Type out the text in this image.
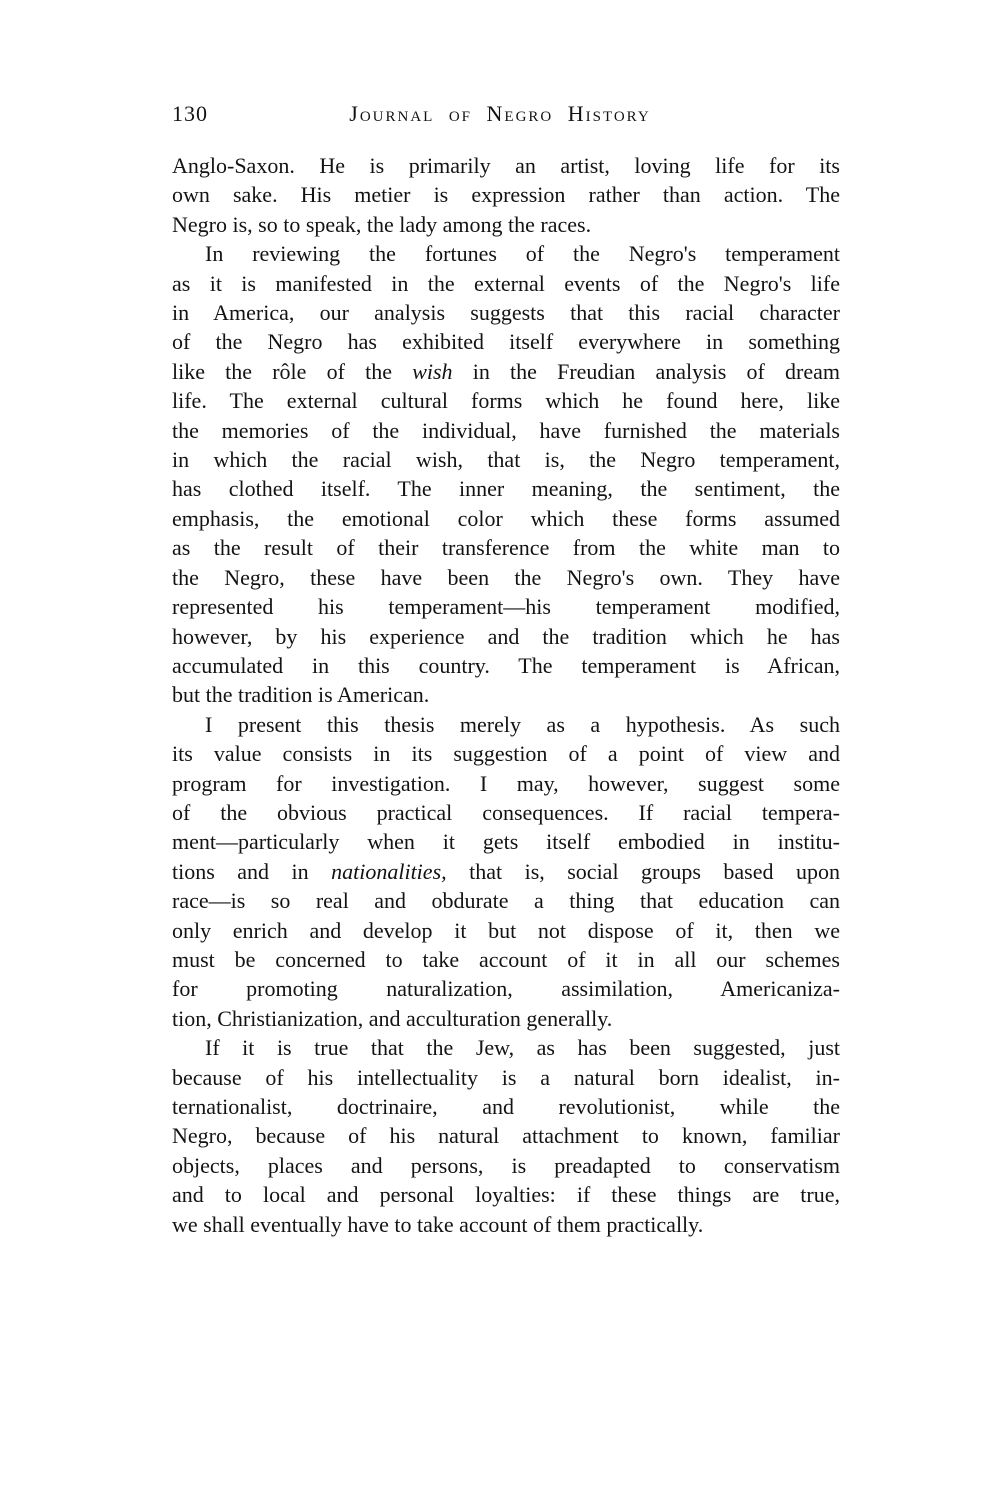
130	Journal of Negro History
Anglo-Saxon. He is primarily an artist, loving life for its
own sake. His metier is expression rather than action. The
Negro is, so to speak, the lady among the races.
In reviewing the fortunes of the Negro's temperament
as it is manifested in the external events of the Negro's life
in America, our analysis suggests that this racial character
of the Negro has exhibited itself everywhere in something
like the rôle of the wish in the Freudian analysis of dream
life. The external cultural forms which he found here, like
the memories of the individual, have furnished the materials
in which the racial wish, that is, the Negro temperament,
has clothed itself. The inner meaning, the sentiment, the
emphasis, the emotional color which these forms assumed
as the result of their transference from the white man to
the Negro, these have been the Negro's own. They have
represented his temperament—his temperament modified,
however, by his experience and the tradition which he has
accumulated in this country. The temperament is African,
but the tradition is American.
I present this thesis merely as a hypothesis. As such
its value consists in its suggestion of a point of view and
program for investigation. I may, however, suggest some
of the obvious practical consequences. If racial tempera-
ment—particularly when it gets itself embodied in institu-
tions and in nationalities, that is, social groups based upon
race—is so real and obdurate a thing that education can
only enrich and develop it but not dispose of it, then we
must be concerned to take account of it in all our schemes
for promoting naturalization, assimilation, Americaniza-
tion, Christianization, and acculturation generally.
If it is true that the Jew, as has been suggested, just
because of his intellectuality is a natural born idealist, in-
ternationalist, doctrinaire, and revolutionist, while the
Negro, because of his natural attachment to known, familiar
objects, places and persons, is preadapted to conservatism
and to local and personal loyalties: if these things are true,
we shall eventually have to take account of them practically.
